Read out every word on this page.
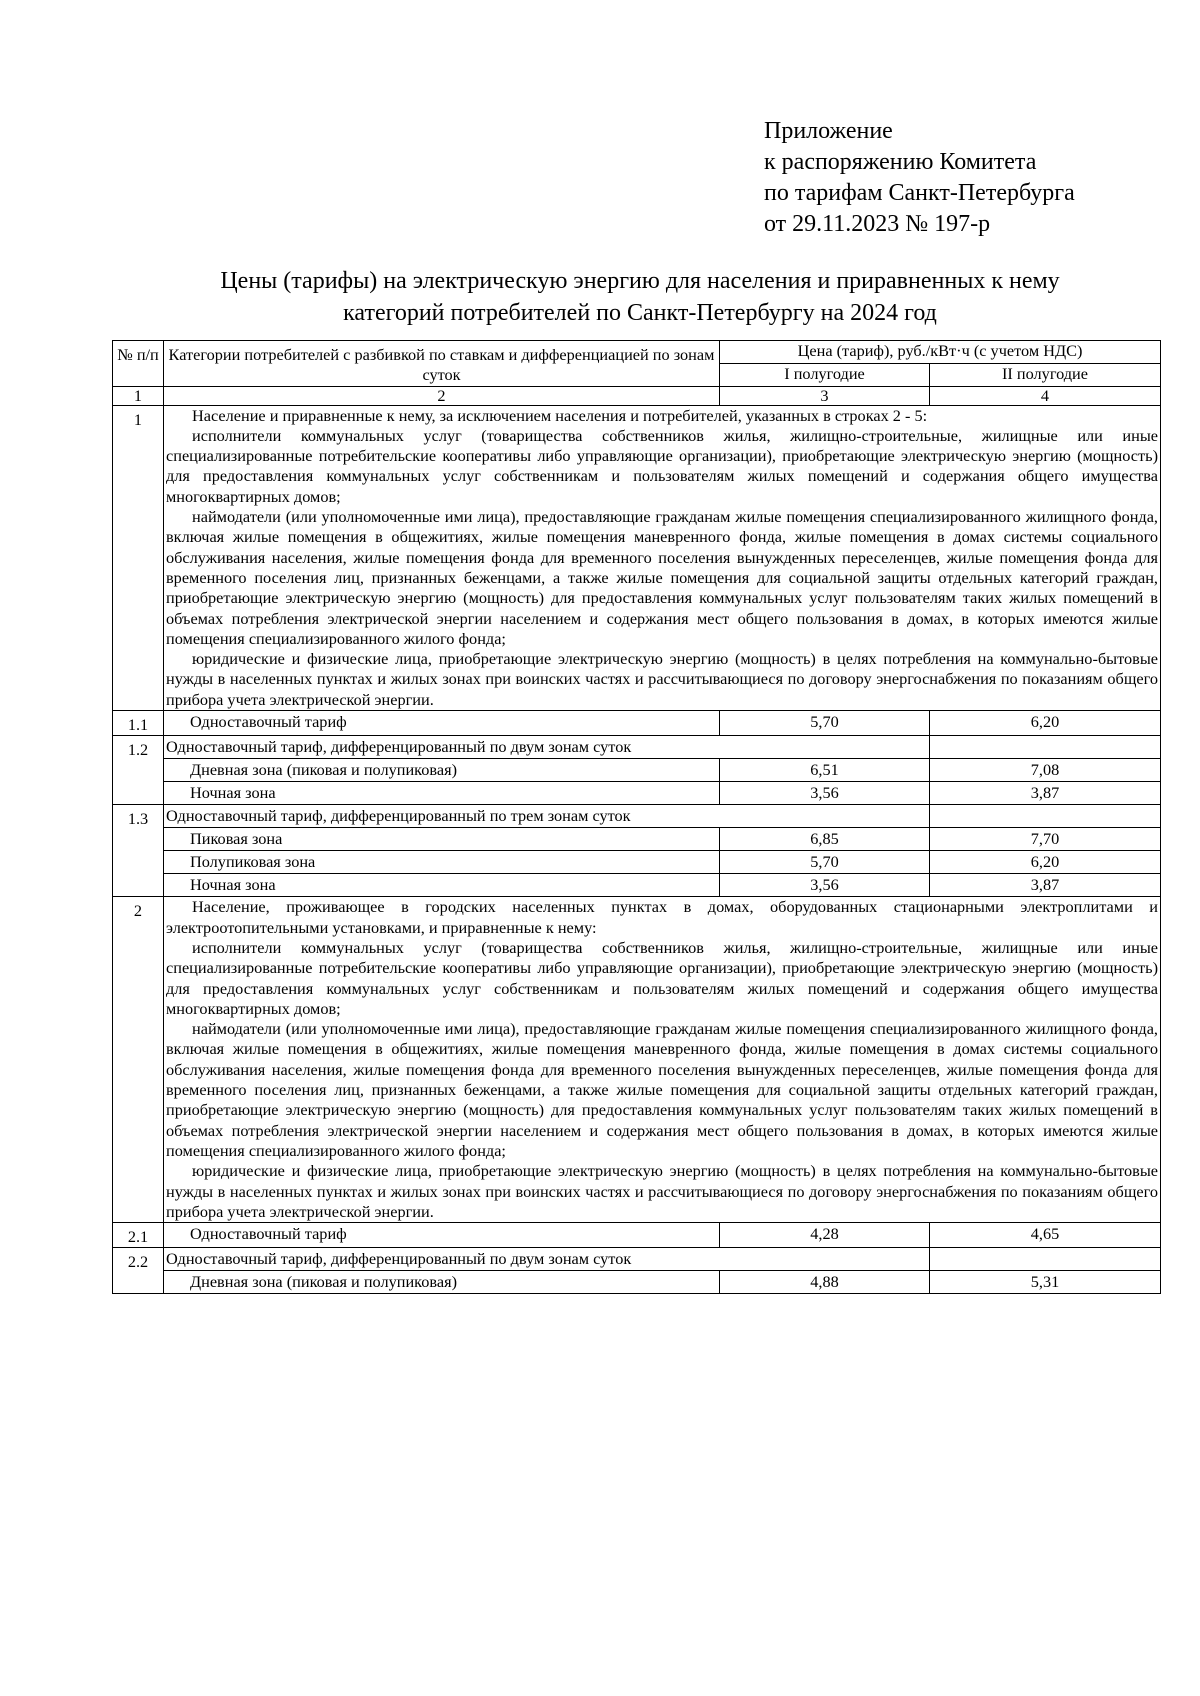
Приложение
к распоряжению Комитета
по тарифам Санкт-Петербурга
от 29.11.2023 № 197-р
Цены (тарифы) на электрическую энергию для населения и приравненных к нему
категорий потребителей по Санкт-Петербургу на 2024 год
№ п/п	Категории потребителей с разбивкой по ставкам и дифференциацией по зонам суток	Цена (тариф), руб./кВт·ч (с учетом НДС)	
		I полугодие	II полугодие
1	2	3	4
1	Население и приравненные к нему, за исключением населения и потребителей, указанных в строках 2 - 5:

исполнители коммунальных услуг (товарищества собственников жилья, жилищно-строительные, жилищные или иные специализированные потребительские кооперативы либо управляющие организации), приобретающие электрическую энергию (мощность) для предоставления коммунальных услуг собственникам и пользователям жилых помещений и содержания общего имущества многоквартирных домов;

наймодатели (или уполномоченные ими лица), предоставляющие гражданам жилые помещения специализированного жилищного фонда, включая жилые помещения в общежитиях, жилые помещения маневренного фонда, жилые помещения в домах системы социального обслуживания населения, жилые помещения фонда для временного поселения вынужденных переселенцев, жилые помещения фонда для временного поселения лиц, признанных беженцами, а также жилые помещения для социальной защиты отдельных категорий граждан, приобретающие электрическую энергию (мощность) для предоставления коммунальных услуг пользователям таких жилых помещений в объемах потребления электрической энергии населением и содержания мест общего пользования в домах, в которых имеются жилые помещения специализированного жилого фонда;

юридические и физические лица, приобретающие электрическую энергию (мощность) в целях потребления на коммунально-бытовые нужды в населенных пунктах и жилых зонах при воинских частях и рассчитывающиеся по договору энергоснабжения по показаниям общего прибора учета электрической энергии.		

1.1	Одноставочный тариф	5,70	6,20
1.2	Одноставочный тариф, дифференцированный по двум зонам суток		
	Дневная зона (пиковая и полупиковая)	6,51	7,08
	Ночная зона	3,56	3,87
1.3	Одноставочный тариф, дифференцированный по трем зонам суток		
	Пиковая зона	6,85	7,70
	Полупиковая зона	5,70	6,20
	Ночная зона	3,56	3,87
2	Население, проживающее в городских населенных пунктах в домах, оборудованных стационарными электроплитами и электроотопительными установками, и приравненные к нему:

исполнители коммунальных услуг (товарищества собственников жилья, жилищно-строительные, жилищные или иные специализированные потребительские кооперативы либо управляющие организации), приобретающие электрическую энергию (мощность) для предоставления коммунальных услуг собственникам и пользователям жилых помещений и содержания общего имущества многоквартирных домов;

наймодатели (или уполномоченные ими лица), предоставляющие гражданам жилые помещения специализированного жилищного фонда, включая жилые помещения в общежитиях, жилые помещения маневренного фонда, жилые помещения в домах системы социального обслуживания населения, жилые помещения фонда для временного поселения вынужденных переселенцев, жилые помещения фонда для временного поселения лиц, признанных беженцами, а также жилые помещения для социальной защиты отдельных категорий граждан, приобретающие электрическую энергию (мощность) для предоставления коммунальных услуг пользователям таких жилых помещений в объемах потребления электрической энергии населением и содержания мест общего пользования в домах, в которых имеются жилые помещения специализированного жилого фонда;

юридические и физические лица, приобретающие электрическую энергию (мощность) в целях потребления на коммунально-бытовые нужды в населенных пунктах и жилых зонах при воинских частях и рассчитывающиеся по договору энергоснабжения по показаниям общего прибора учета электрической энергии.		

2.1	Одноставочный тариф	4,28	4,65
2.2	Одноставочный тариф, дифференцированный по двум зонам суток		
	Дневная зона (пиковая и полупиковая)	4,88	5,31
